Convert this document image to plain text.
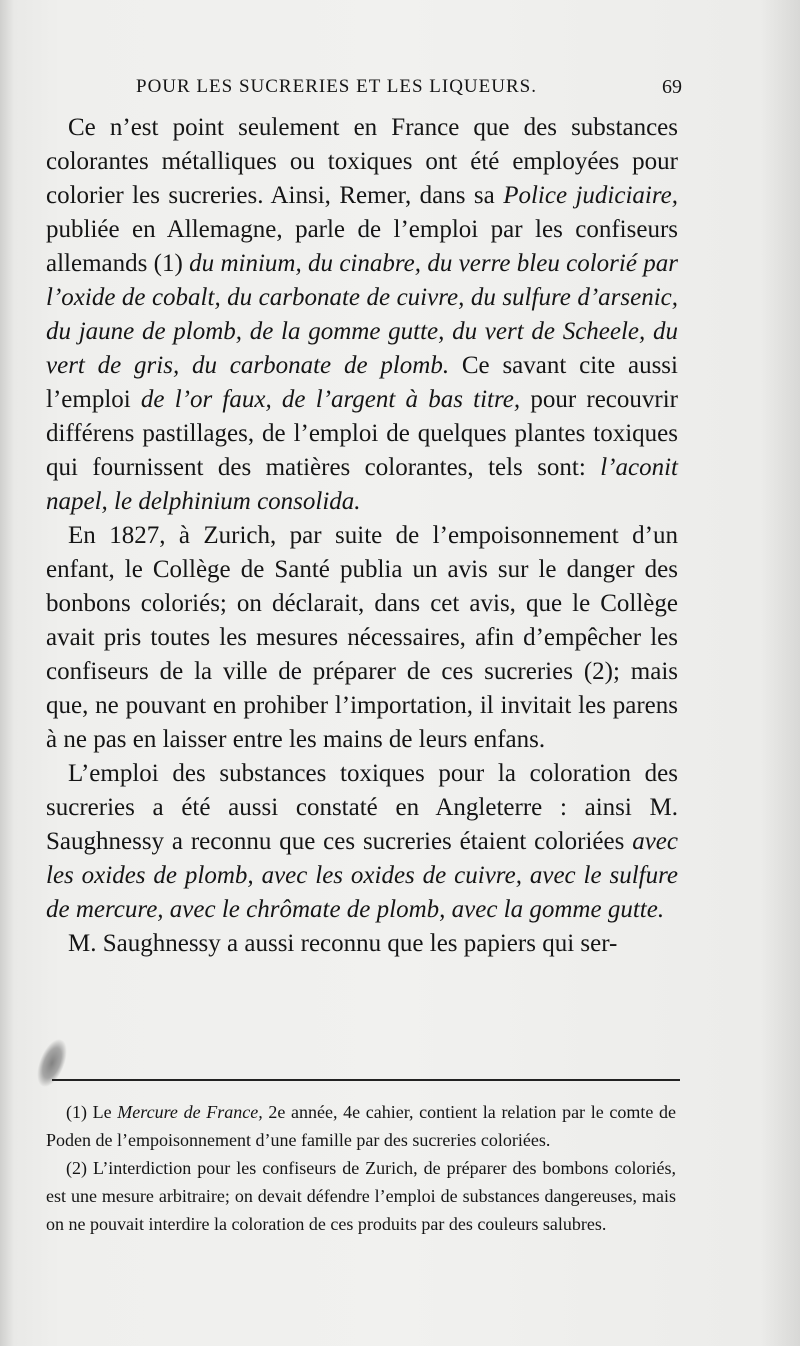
POUR LES SUCRERIES ET LES LIQUEURS.	69

Ce n’est point seulement en France que des substances colorantes métalliques ou toxiques ont été employées pour colorier les sucreries. Ainsi, Remer, dans sa Police judiciaire, publiée en Allemagne, parle de l’emploi par les confiseurs allemands (1) du minium, du cinabre, du verre bleu colorié par l’oxide de cobalt, du carbonate de cuivre, du sulfure d’arsenic, du jaune de plomb, de la gomme gutte, du vert de Scheele, du vert de gris, du carbonate de plomb. Ce savant cite aussi l’emploi de l’or faux, de l’argent à bas titre, pour recouvrir différens pastillages, de l’emploi de quelques plantes toxiques qui fournissent des matières colorantes, tels sont: l’aconit napel, le delphinium consolida.

En 1827, à Zurich, par suite de l’empoisonnement d’un enfant, le Collège de Santé publia un avis sur le danger des bonbons coloriés; on déclarait, dans cet avis, que le Collège avait pris toutes les mesures nécessaires, afin d’empêcher les confiseurs de la ville de préparer de ces sucreries (2); mais que, ne pouvant en prohiber l’importation, il invitait les parens à ne pas en laisser entre les mains de leurs enfans.

L’emploi des substances toxiques pour la coloration des sucreries a été aussi constaté en Angleterre : ainsi M. Saughnessy a reconnu que ces sucreries étaient coloriées avec les oxides de plomb, avec les oxides de cuivre, avec le sulfure de mercure, avec le chrômate de plomb, avec la gomme gutte.

M. Saughnessy a aussi reconnu que les papiers qui ser-

(1) Le Mercure de France, 2e année, 4e cahier, contient la relation par le comte de Poden de l’empoisonnement d’une famille par des sucreries coloriées.

(2) L’interdiction pour les confiseurs de Zurich, de préparer des bombons coloriés, est une mesure arbitraire; on devait défendre l’emploi de substances dangereuses, mais on ne pouvait interdire la coloration de ces produits par des couleurs salubres.
